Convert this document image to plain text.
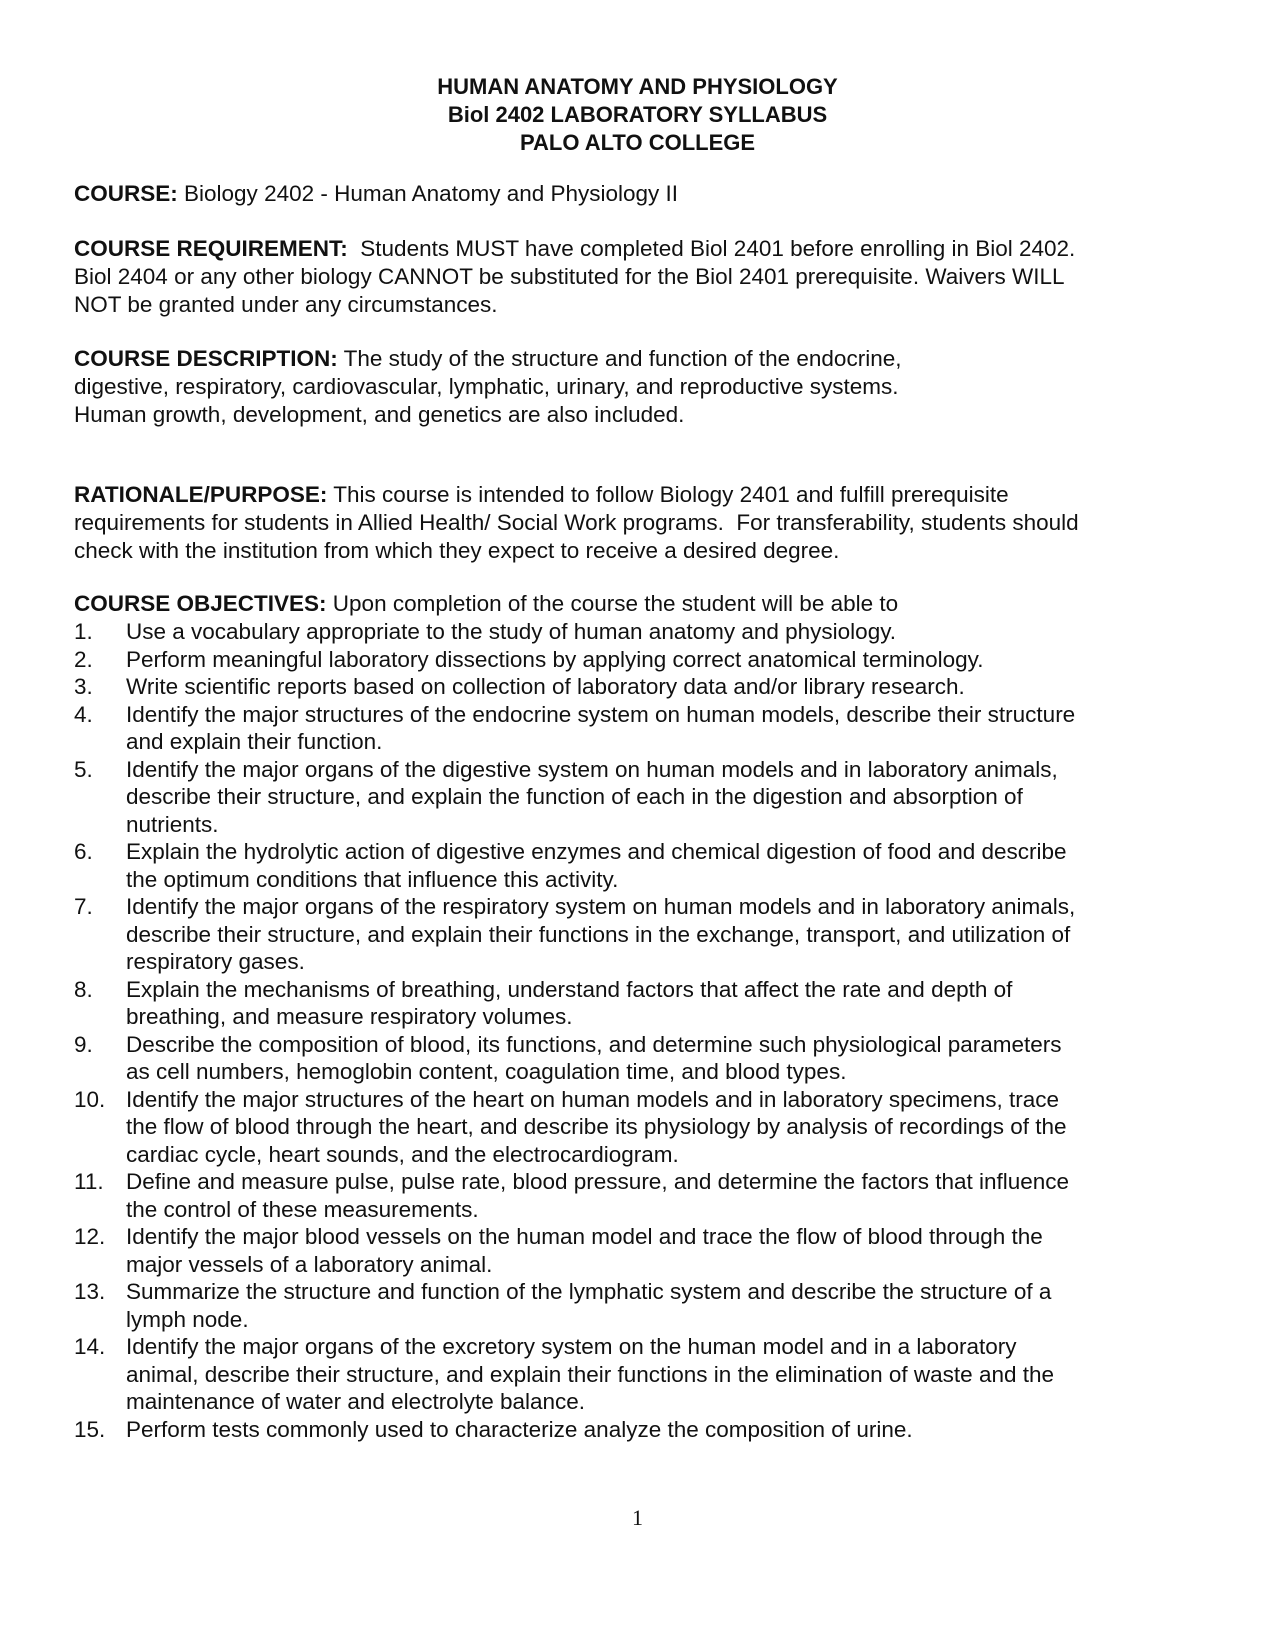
HUMAN ANATOMY AND PHYSIOLOGY
Biol 2402 LABORATORY SYLLABUS
PALO ALTO COLLEGE
COURSE: Biology 2402 - Human Anatomy and Physiology II
COURSE REQUIREMENT:  Students MUST have completed Biol 2401 before enrolling in Biol 2402.
Biol 2404 or any other biology CANNOT be substituted for the Biol 2401 prerequisite. Waivers WILL
NOT be granted under any circumstances.
COURSE DESCRIPTION: The study of the structure and function of the endocrine,
digestive, respiratory, cardiovascular, lymphatic, urinary, and reproductive systems.
Human growth, development, and genetics are also included.
RATIONALE/PURPOSE: This course is intended to follow Biology 2401 and fulfill prerequisite
requirements for students in Allied Health/ Social Work programs.  For transferability, students should
check with the institution from which they expect to receive a desired degree.
COURSE OBJECTIVES: Upon completion of the course the student will be able to
1.	Use a vocabulary appropriate to the study of human anatomy and physiology.
2.	Perform meaningful laboratory dissections by applying correct anatomical terminology.
3.	Write scientific reports based on collection of laboratory data and/or library research.
4.	Identify the major structures of the endocrine system on human models, describe their structure
and explain their function.
5.	Identify the major organs of the digestive system on human models and in laboratory animals,
describe their structure, and explain the function of each in the digestion and absorption of
nutrients.
6.	Explain the hydrolytic action of digestive enzymes and chemical digestion of food and describe
the optimum conditions that influence this activity.
7.	Identify the major organs of the respiratory system on human models and in laboratory animals,
describe their structure, and explain their functions in the exchange, transport, and utilization of
respiratory gases.
8.	Explain the mechanisms of breathing, understand factors that affect the rate and depth of
breathing, and measure respiratory volumes.
9.	Describe the composition of blood, its functions, and determine such physiological parameters
as cell numbers, hemoglobin content, coagulation time, and blood types.
10. Identify the major structures of the heart on human models and in laboratory specimens, trace
the flow of blood through the heart, and describe its physiology by analysis of recordings of the
cardiac cycle, heart sounds, and the electrocardiogram.
11. Define and measure pulse, pulse rate, blood pressure, and determine the factors that influence
the control of these measurements.
12. Identify the major blood vessels on the human model and trace the flow of blood through the
major vessels of a laboratory animal.
13. Summarize the structure and function of the lymphatic system and describe the structure of a
lymph node.
14. Identify the major organs of the excretory system on the human model and in a laboratory
animal, describe their structure, and explain their functions in the elimination of waste and the
maintenance of water and electrolyte balance.
15. Perform tests commonly used to characterize analyze the composition of urine.
1
